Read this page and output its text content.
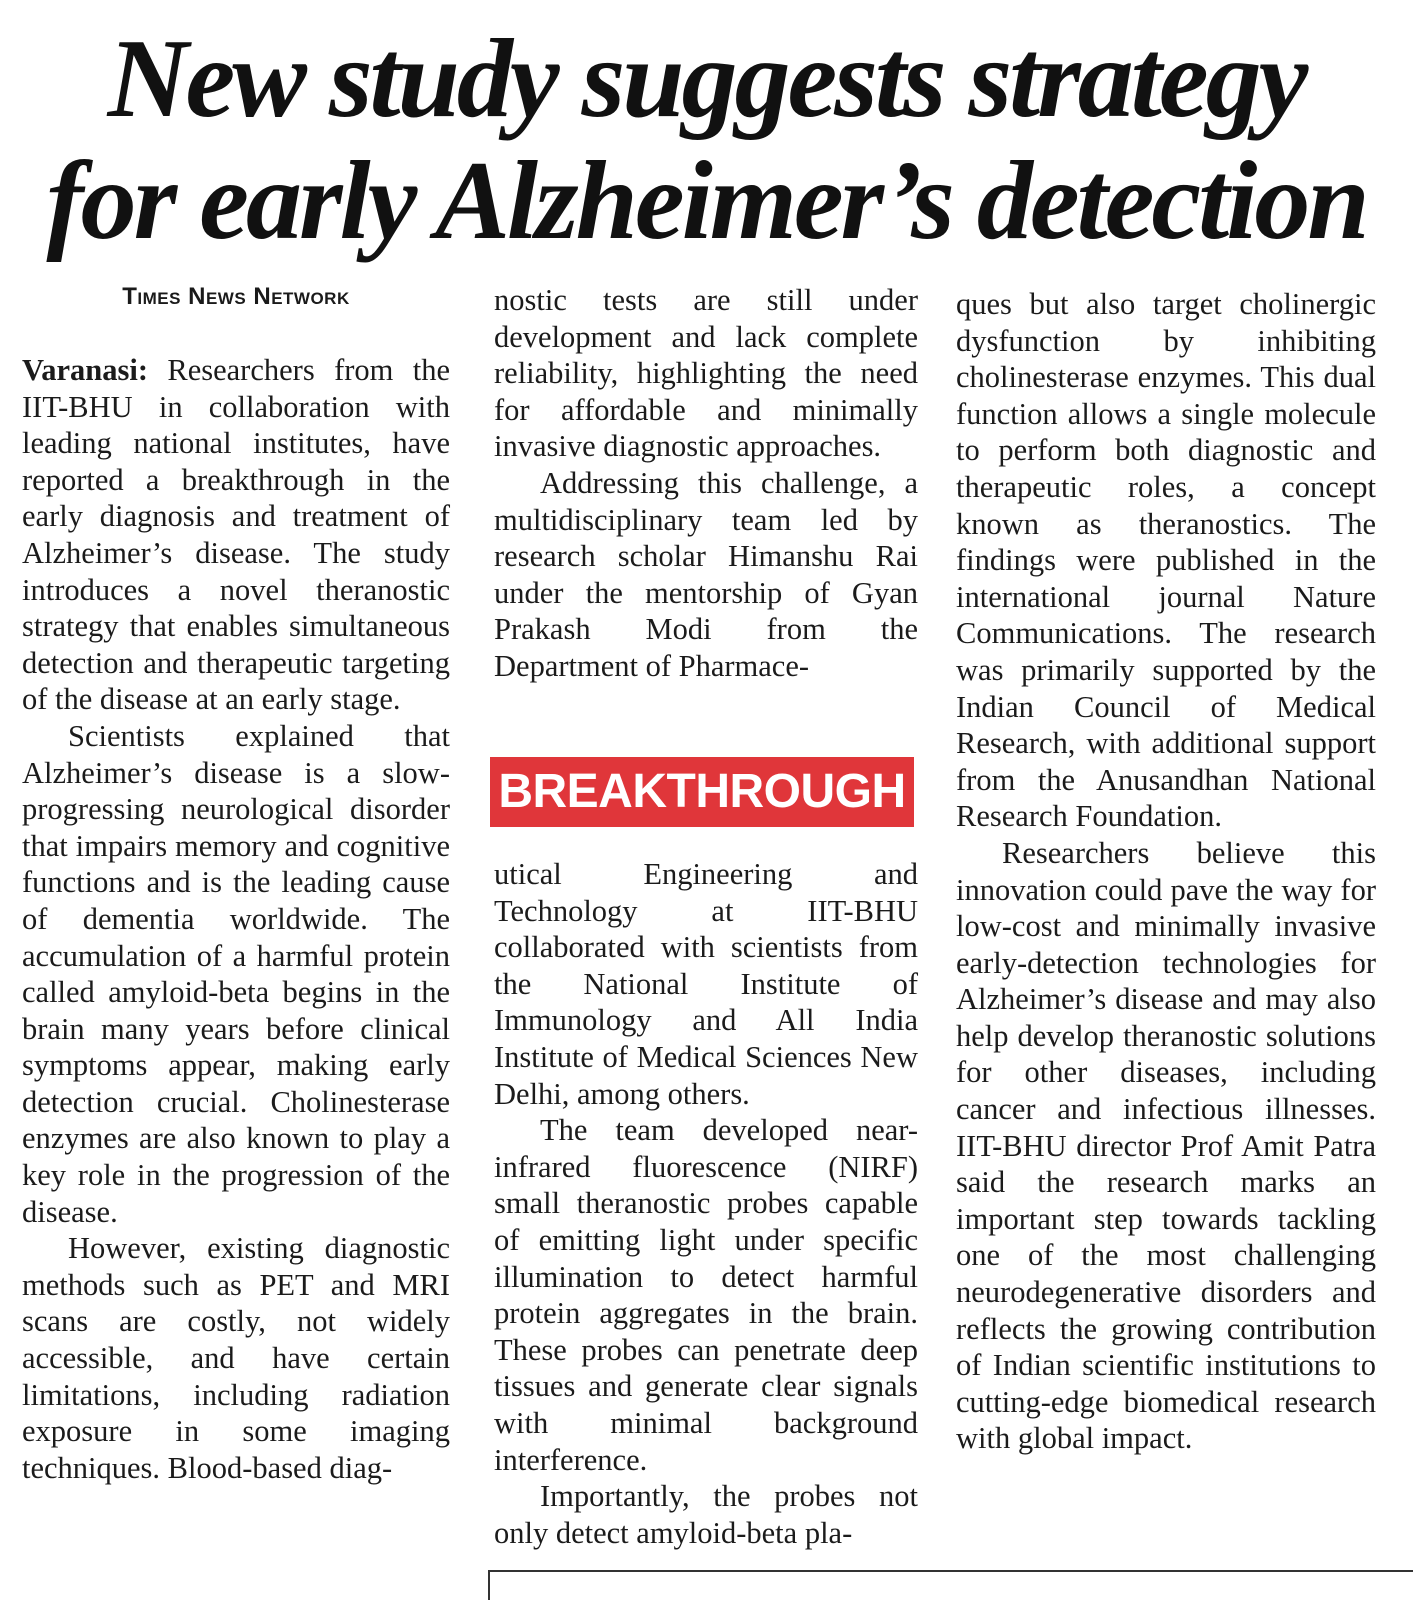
New study suggests strategy
for early Alzheimer’s detection
Times News Network

Varanasi: Researchers from the IIT-BHU in collaboration with leading national institutes, have reported a breakthrough in the early diagnosis and treatment of Alzheimer’s disease. The study introduces a novel theranostic strategy that enables simultaneous detection and therapeutic targeting of the disease at an early stage.

Scientists explained that Alzheimer’s disease is a slow-progressing neurological disorder that impairs memory and cognitive functions and is the leading cause of dementia worldwide. The accumulation of a harmful protein called amyloid-beta begins in the brain many years before clinical symptoms appear, making early detection crucial. Cholinesterase enzymes are also known to play a key role in the progression of the disease.

However, existing diagnostic methods such as PET and MRI scans are costly, not widely accessible, and have certain limitations, including radiation exposure in some imaging techniques. Blood-based diag-

nostic tests are still under development and lack complete reliability, highlighting the need for affordable and minimally invasive diagnostic approaches.

Addressing this challenge, a multidisciplinary team led by research scholar Himanshu Rai under the mentorship of Gyan Prakash Modi from the Department of Pharmace-

BREAKTHROUGH

utical Engineering and Technology at IIT-BHU collaborated with scientists from the National Institute of Immunology and All India Institute of Medical Sciences New Delhi, among others.

The team developed near-infrared fluorescence (NIRF) small theranostic probes capable of emitting light under specific illumination to detect harmful protein aggregates in the brain. These probes can penetrate deep tissues and generate clear signals with minimal background interference.

Importantly, the probes not only detect amyloid-beta pla-

ques but also target cholinergic dysfunction by inhibiting cholinesterase enzymes. This dual function allows a single molecule to perform both diagnostic and therapeutic roles, a concept known as theranostics. The findings were published in the international journal Nature Communications. The research was primarily supported by the Indian Council of Medical Research, with additional support from the Anusandhan National Research Foundation.

Researchers believe this innovation could pave the way for low-cost and minimally invasive early-detection technologies for Alzheimer’s disease and may also help develop theranostic solutions for other diseases, including cancer and infectious illnesses. IIT-BHU director Prof Amit Patra said the research marks an important step towards tackling one of the most challenging neurodegenerative disorders and reflects the growing contribution of Indian scientific institutions to cutting-edge biomedical research with global impact.
